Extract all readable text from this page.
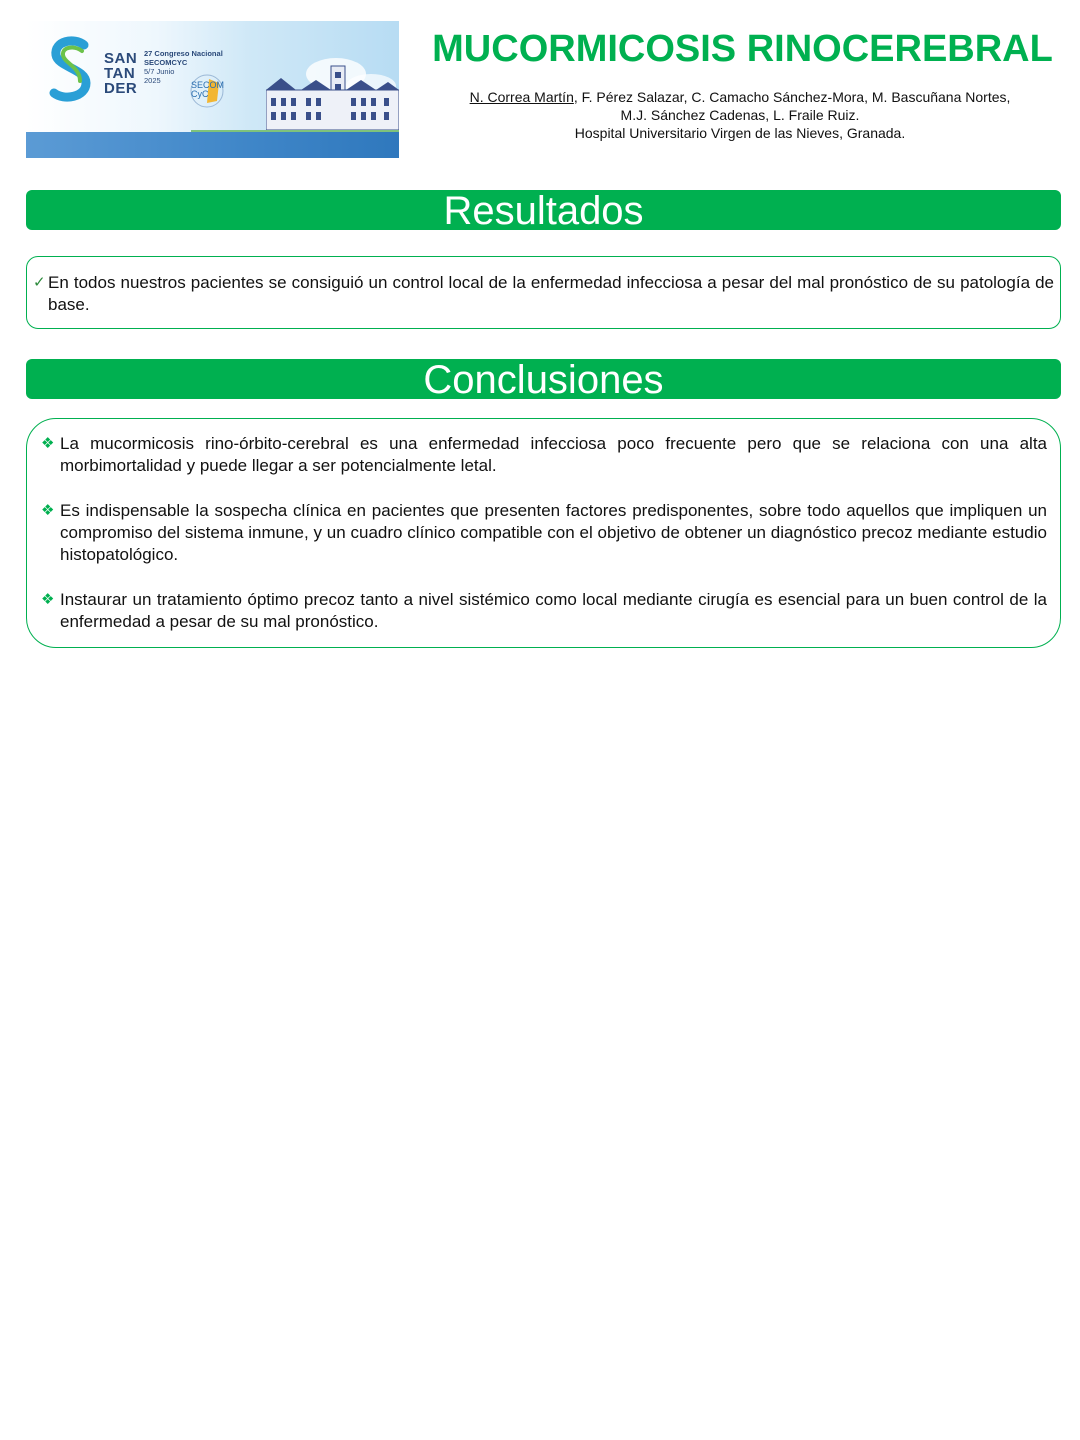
SAN
TAN
DER
27 Congreso Nacional
SECOMCYC
5/7 Junio
2025	SECOM
CyC
MUCORMICOSIS RINOCEREBRAL
N. Correa Martín, F. Pérez Salazar, C. Camacho Sánchez-Mora, M. Bascuñana Nortes,
M.J. Sánchez Cadenas, L. Fraile Ruiz.
Hospital Universitario Virgen de las Nieves, Granada.
Resultados
✓ En todos nuestros pacientes se consiguió un control local de la enfermedad infecciosa a pesar del mal pronóstico de su patología de base.
Conclusiones
❖ La mucormicosis rino-órbito-cerebral es una enfermedad infecciosa poco frecuente pero que se relaciona con una alta morbimortalidad y puede llegar a ser potencialmente letal.
❖ Es indispensable la sospecha clínica en pacientes que presenten factores predisponentes, sobre todo aquellos que impliquen un compromiso del sistema inmune, y un cuadro clínico compatible con el objetivo de obtener un diagnóstico precoz mediante estudio histopatológico.
❖ Instaurar un tratamiento óptimo precoz tanto a nivel sistémico como local mediante cirugía es esencial para un buen control de la enfermedad a pesar de su mal pronóstico.
